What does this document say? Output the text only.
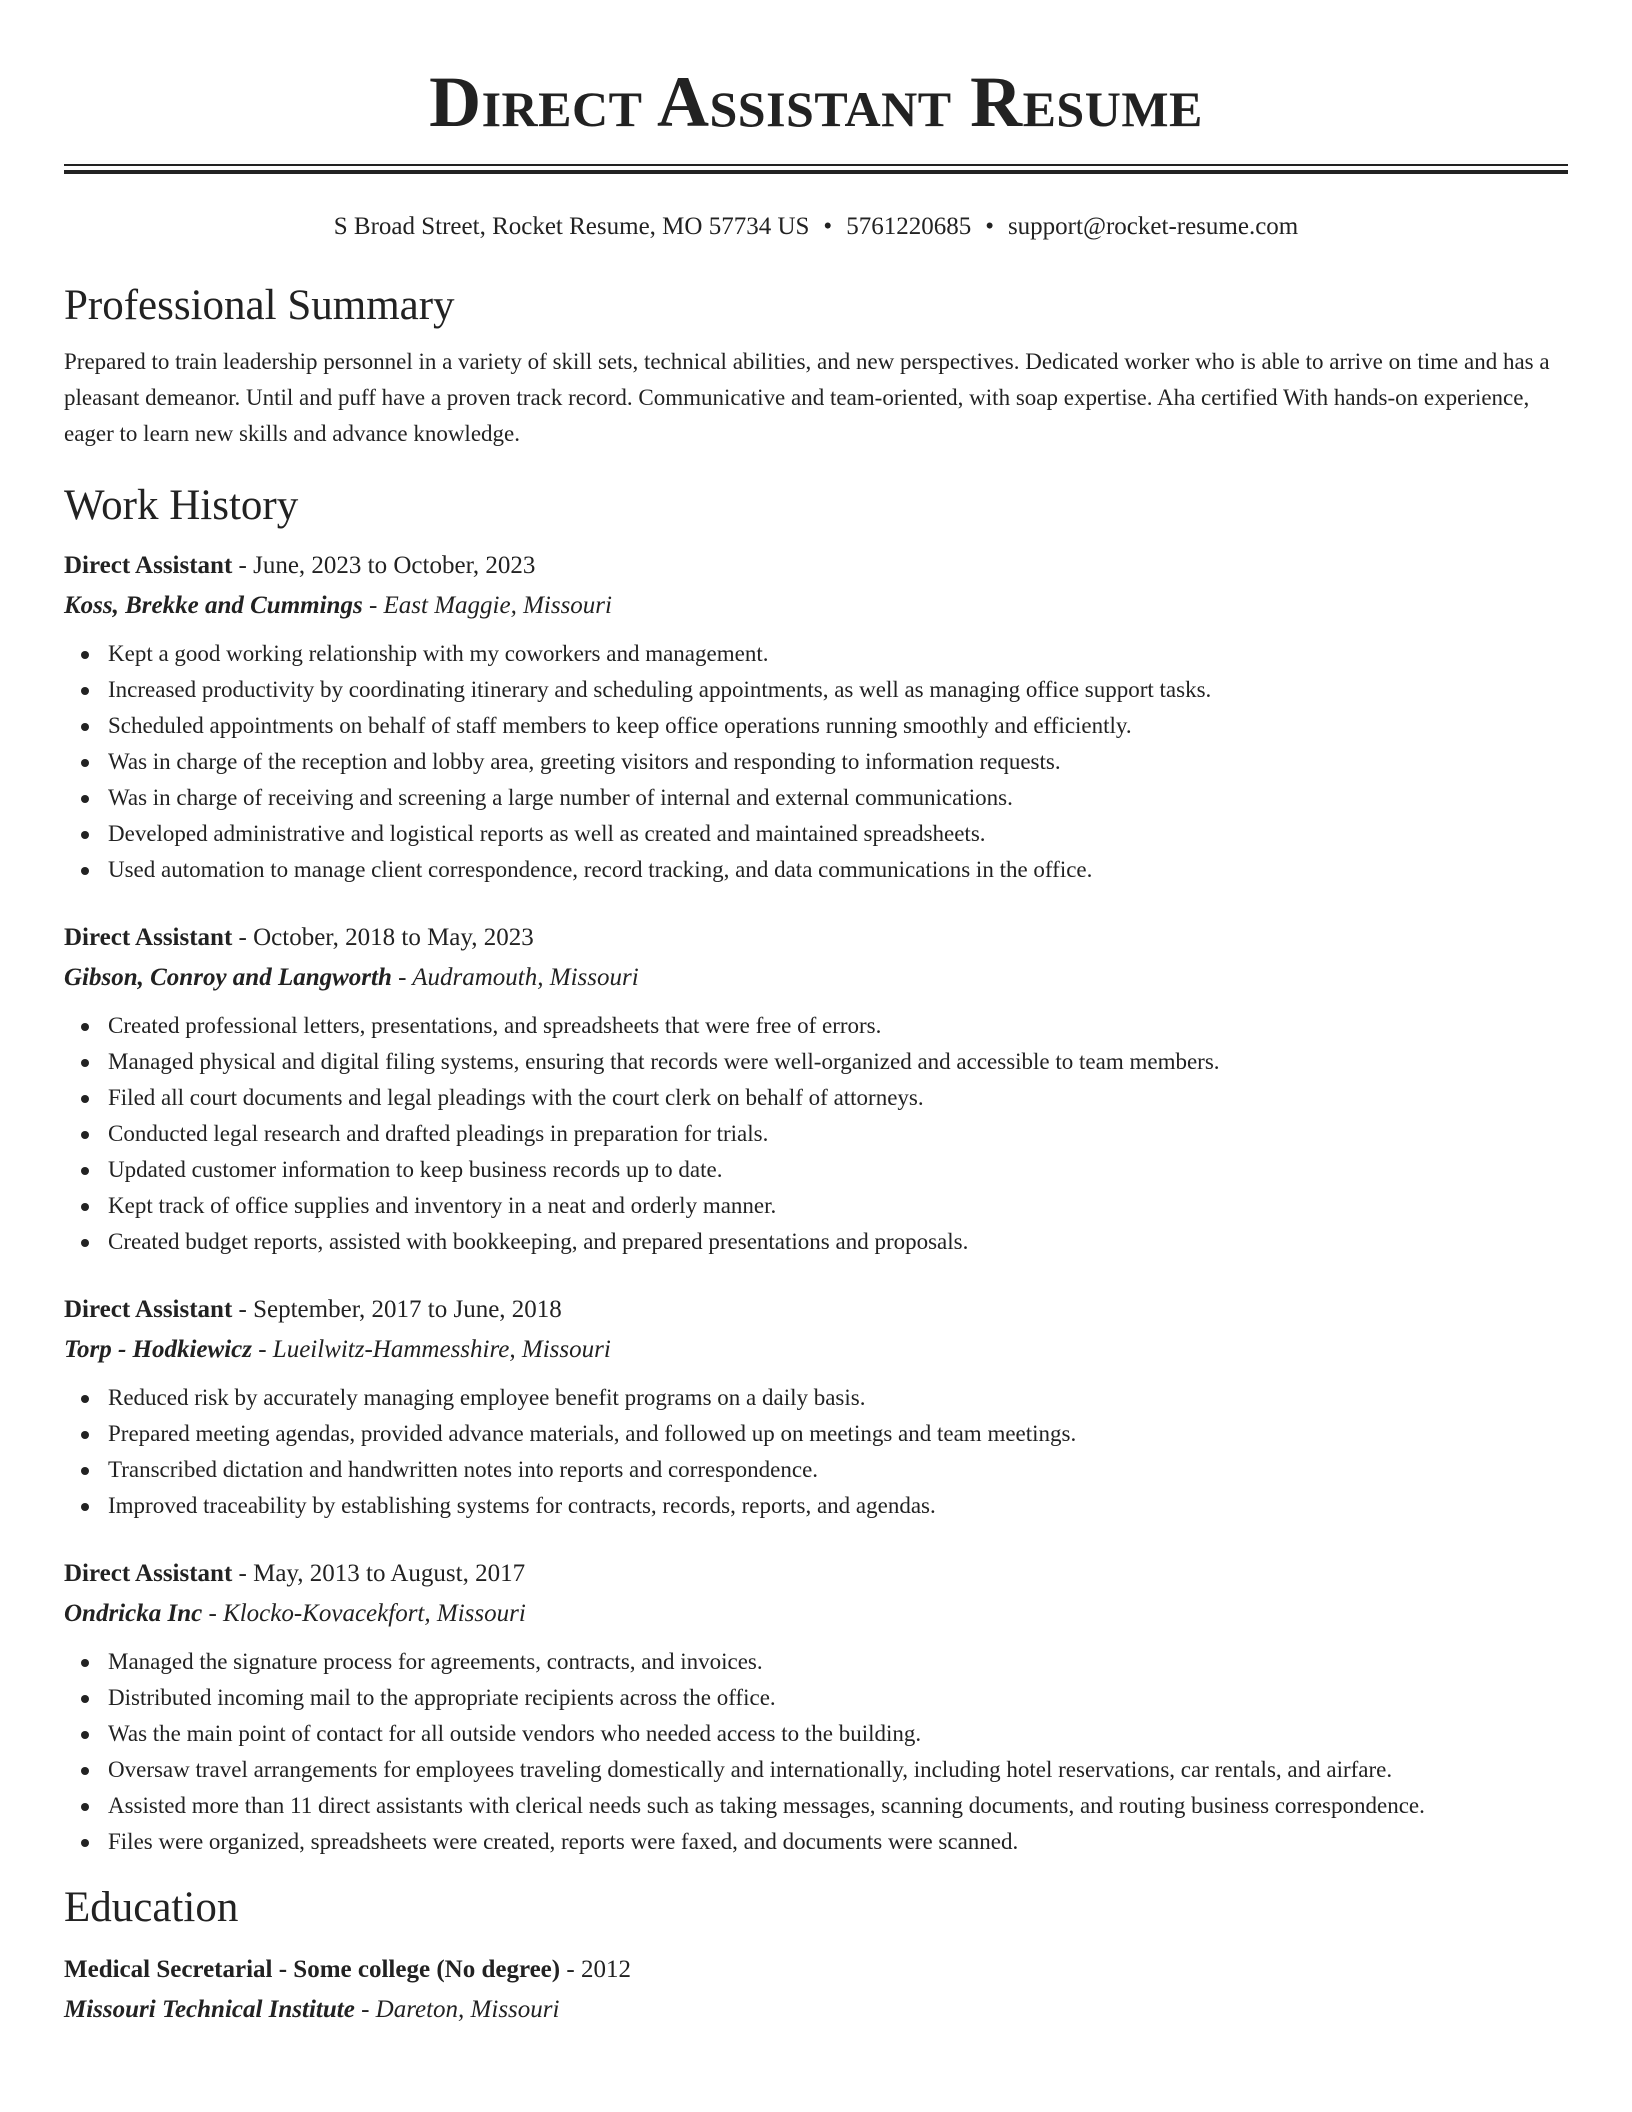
Direct Assistant Resume
S Broad Street, Rocket Resume, MO 57734 US • 5761220685 • support@rocket-resume.com
Professional Summary

Prepared to train leadership personnel in a variety of skill sets, technical abilities, and new perspectives. Dedicated worker who is able to arrive on time and has a pleasant demeanor. Until and puff have a proven track record. Communicative and team-oriented, with soap expertise. Aha certified With hands-on experience, eager to learn new skills and advance knowledge.

Work History
Direct Assistant - June, 2023 to October, 2023
Koss, Brekke and Cummings - East Maggie, Missouri
Kept a good working relationship with my coworkers and management.
Increased productivity by coordinating itinerary and scheduling appointments, as well as managing office support tasks.
Scheduled appointments on behalf of staff members to keep office operations running smoothly and efficiently.
Was in charge of the reception and lobby area, greeting visitors and responding to information requests.
Was in charge of receiving and screening a large number of internal and external communications.
Developed administrative and logistical reports as well as created and maintained spreadsheets.
Used automation to manage client correspondence, record tracking, and data communications in the office.
Direct Assistant - October, 2018 to May, 2023
Gibson, Conroy and Langworth - Audramouth, Missouri
Created professional letters, presentations, and spreadsheets that were free of errors.
Managed physical and digital filing systems, ensuring that records were well-organized and accessible to team members.
Filed all court documents and legal pleadings with the court clerk on behalf of attorneys.
Conducted legal research and drafted pleadings in preparation for trials.
Updated customer information to keep business records up to date.
Kept track of office supplies and inventory in a neat and orderly manner.
Created budget reports, assisted with bookkeeping, and prepared presentations and proposals.
Direct Assistant - September, 2017 to June, 2018
Torp - Hodkiewicz - Lueilwitz-Hammesshire, Missouri
Reduced risk by accurately managing employee benefit programs on a daily basis.
Prepared meeting agendas, provided advance materials, and followed up on meetings and team meetings.
Transcribed dictation and handwritten notes into reports and correspondence.
Improved traceability by establishing systems for contracts, records, reports, and agendas.
Direct Assistant - May, 2013 to August, 2017
Ondricka Inc - Klocko-Kovacekfort, Missouri
Managed the signature process for agreements, contracts, and invoices.
Distributed incoming mail to the appropriate recipients across the office.
Was the main point of contact for all outside vendors who needed access to the building.
Oversaw travel arrangements for employees traveling domestically and internationally, including hotel reservations, car rentals, and airfare.
Assisted more than 11 direct assistants with clerical needs such as taking messages, scanning documents, and routing business correspondence.
Files were organized, spreadsheets were created, reports were faxed, and documents were scanned.
Education
Medical Secretarial - Some college (No degree) - 2012
Missouri Technical Institute - Dareton, Missouri
